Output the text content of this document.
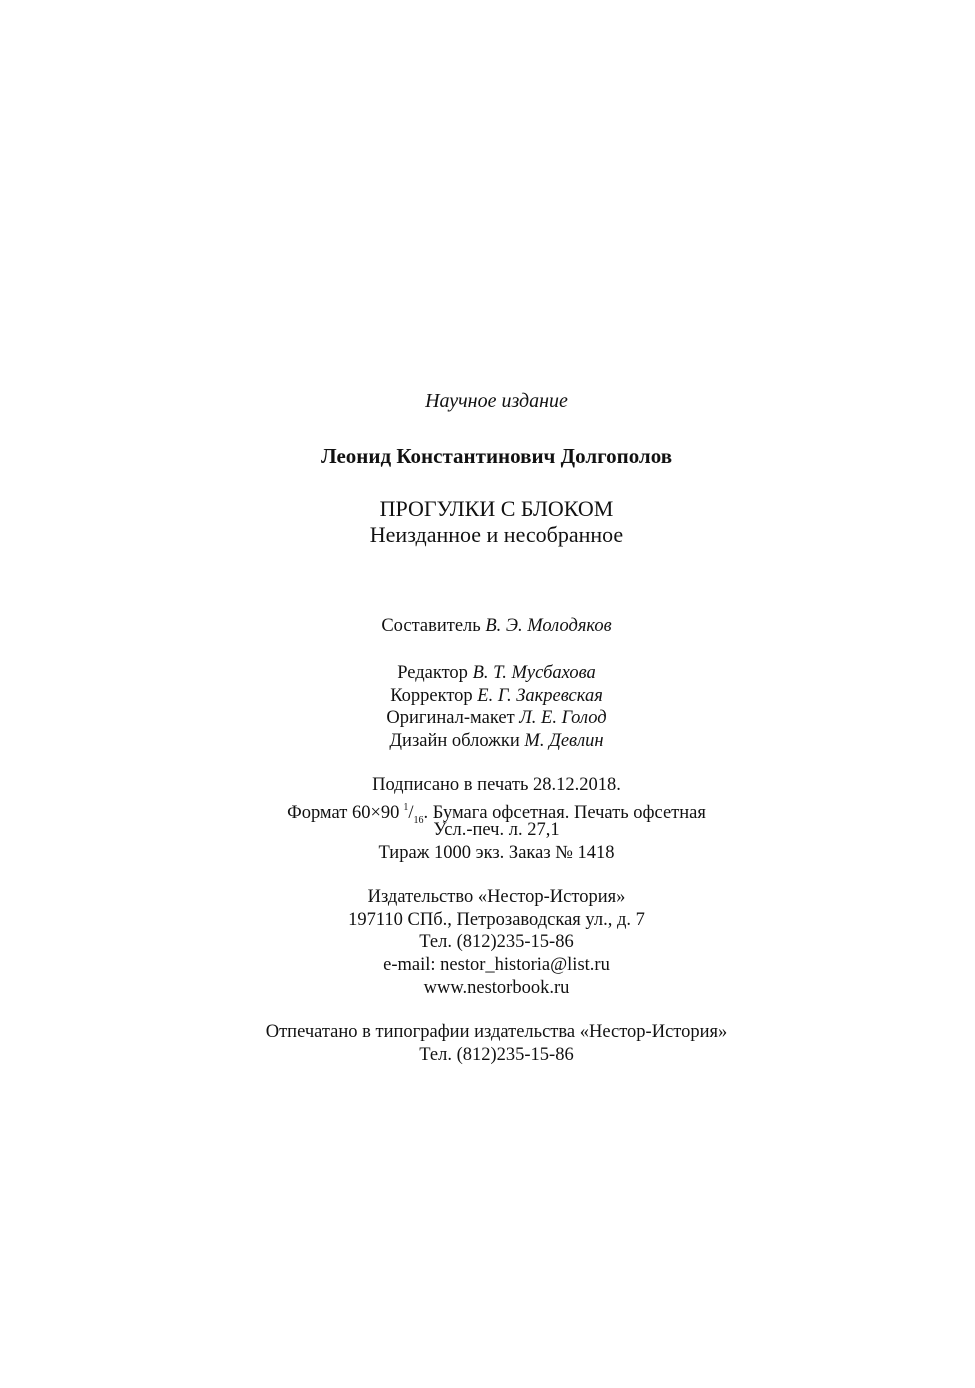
Научное издание
Леонид Константинович Долгополов
ПРОГУЛКИ С БЛОКОМ
Неизданное и несобранное
Составитель В. Э. Молодяков
Редактор В. Т. Мусбахова
Корректор Е. Г. Закревская
Оригинал-макет Л. Е. Голод
Дизайн обложки М. Девлин
Подписано в печать 28.12.2018.
Формат 60×90 $^1/_{16}$. Бумага офсетная. Печать офсетная
Усл.-печ. л. 27,1
Тираж 1000 экз. Заказ № 1418
Издательство «Нестор-История»
197110 СПб., Петрозаводская ул., д. 7
Тел. (812)235-15-86
e-mail: nestor_historia@list.ru
www.nestorbook.ru
Отпечатано в типографии издательства «Нестор-История»
Тел. (812)235-15-86
